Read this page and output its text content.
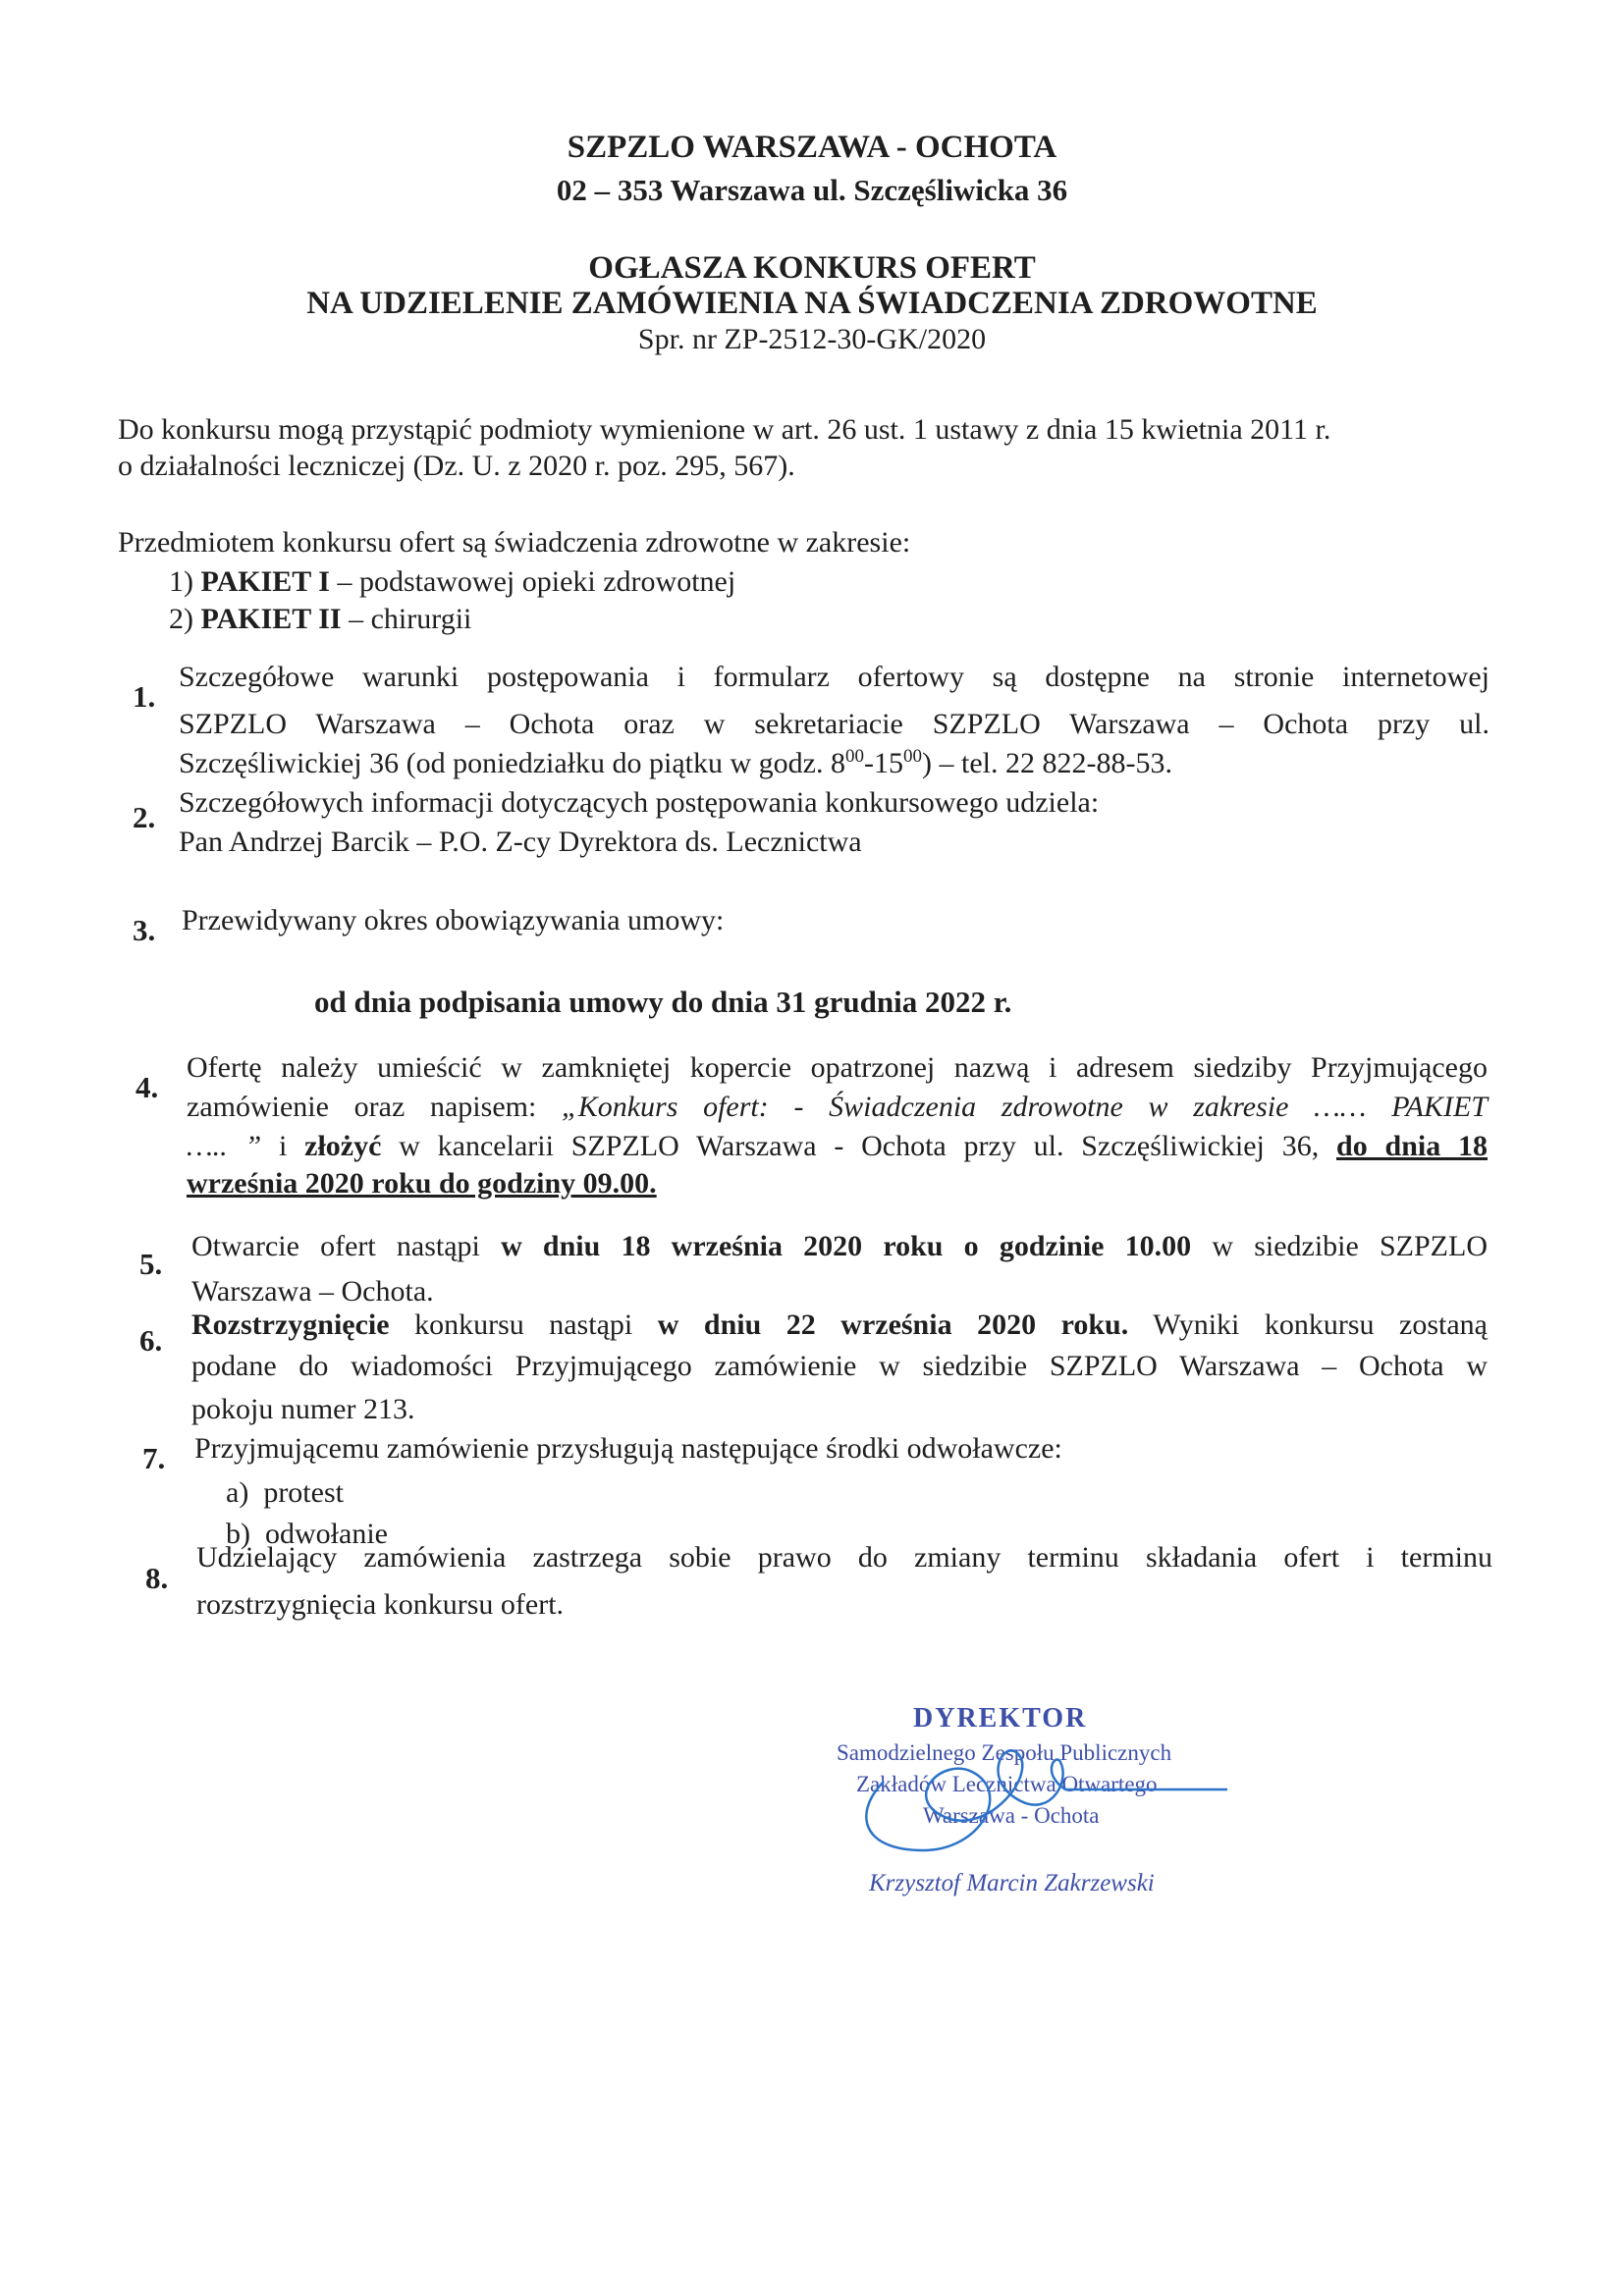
SZPZLO WARSZAWA - OCHOTA
02 – 353 Warszawa ul. Szczęśliwicka 36
OGŁASZA KONKURS OFERT
NA UDZIELENIE ZAMÓWIENIA NA ŚWIADCZENIA ZDROWOTNE
Spr. nr ZP-2512-30-GK/2020
Do konkursu mogą przystąpić podmioty wymienione w art. 26 ust. 1 ustawy z dnia 15 kwietnia 2011 r.
o działalności leczniczej (Dz. U. z 2020 r. poz. 295, 567).
Przedmiotem konkursu ofert są świadczenia zdrowotne w zakresie:
1) PAKIET I – podstawowej opieki zdrowotnej
2) PAKIET II – chirurgii
1.
Szczegółowe warunki postępowania i formularz ofertowy są dostępne na stronie internetowej
SZPZLO Warszawa – Ochota oraz w sekretariacie SZPZLO Warszawa – Ochota przy ul.
Szczęśliwickiej 36 (od poniedziałku do piątku w godz. $8^{00}-15^{00}$) – tel. 22 822-88-53.
2. Szczegółowych informacji dotyczących postępowania konkursowego udziela:
Pan Andrzej Barcik – P.O. Z-cy Dyrektora ds. Lecznictwa
3. Przewidywany okres obowiązywania umowy:
od dnia podpisania umowy do dnia 31 grudnia 2022 r.
4.
Ofertę należy umieścić w zamkniętej kopercie opatrzonej nazwą i adresem siedziby Przyjmującego
zamówienie oraz napisem: „Konkurs ofert: - Świadczenia zdrowotne w zakresie …… PAKIET
….. ” i złożyć w kancelarii SZPZLO Warszawa - Ochota przy ul. Szczęśliwickiej 36, do dnia 18
września 2020 roku do godziny 09.00.
5.
Otwarcie ofert nastąpi w dniu 18 września 2020 roku o godzinie 10.00 w siedzibie SZPZLO
Warszawa – Ochota.
6. Rozstrzygnięcie konkursu nastąpi w dniu 22 września 2020 roku. Wyniki konkursu zostaną
podane do wiadomości Przyjmującego zamówienie w siedzibie SZPZLO Warszawa – Ochota w
pokoju numer 213.
7. Przyjmującemu zamówienie przysługują następujące środki odwoławcze:
a) protest
b) odwołanie
8.
Udzielający zamówienia zastrzega sobie prawo do zmiany terminu składania ofert i terminu
rozstrzygnięcia konkursu ofert.
DYREKTOR
Samodzielnego Zespołu Publicznych
Zakładów Lecznictwa Otwartego
Warszawa - Ochota
Krzysztof Marcin Zakrzewski
